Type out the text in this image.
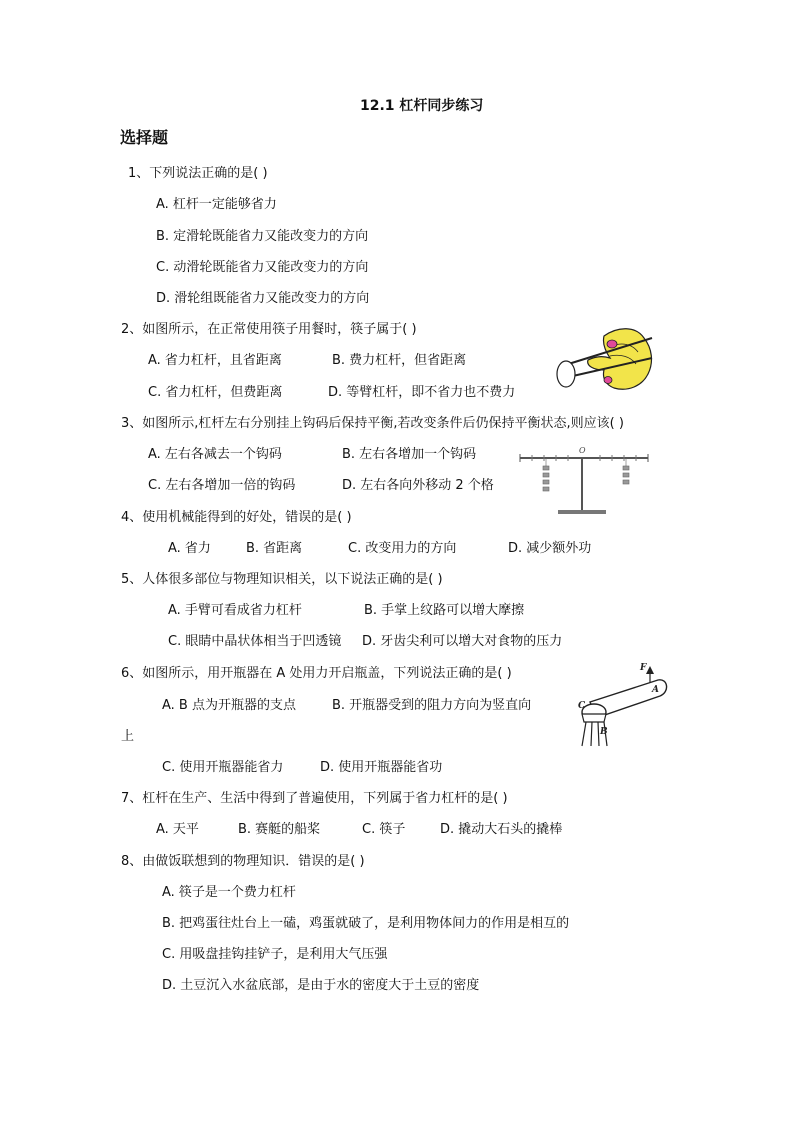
12.1 杠杆同步练习
选择题
1、下列说法正确的是( )
A. 杠杆一定能够省力
B. 定滑轮既能省力又能改变力的方向
C. 动滑轮既能省力又能改变力的方向
D. 滑轮组既能省力又能改变力的方向
2、如图所示，在正常使用筷子用餐时，筷子属于( )
A. 省力杠杆，且省距离	B. 费力杠杆，但省距离
C. 省力杠杆，但费距离	D. 等臂杠杆，即不省力也不费力
3、如图所示,杠杆左右分别挂上钩码后保持平衡,若改变条件后仍保持平衡状态,则应该( )
A. 左右各减去一个钩码	B. 左右各增加一个钩码
C. 左右各增加一倍的钩码	D. 左右各向外移动 2 个格
O
4、使用机械能得到的好处，错误的是( )
A. 省力	B. 省距离	C. 改变用力的方向	D. 减少额外功
5、人体很多部位与物理知识相关，以下说法正确的是( )
A. 手臂可看成省力杠杆	B. 手掌上纹路可以增大摩擦
C. 眼睛中晶状体相当于凹透镜 D. 牙齿尖利可以增大对食物的压力
6、如图所示，用开瓶器在 A 处用力开启瓶盖，下列说法正确的是( )
A. B 点为开瓶器的支点	B. 开瓶器受到的阻力方向为竖直向
上
C. 使用开瓶器能省力	D. 使用开瓶器能省功
F
A
C
B
7、杠杆在生产、生活中得到了普遍使用，下列属于省力杠杆的是( )
A. 天平	B. 赛艇的船桨	C. 筷子	D. 撬动大石头的撬棒
8、由做饭联想到的物理知识．错误的是( )
A. 筷子是一个费力杠杆
B. 把鸡蛋往灶台上一磕，鸡蛋就破了，是利用物体间力的作用是相互的
C. 用吸盘挂钩挂铲子，是利用大气压强
D. 土豆沉入水盆底部，是由于水的密度大于土豆的密度
